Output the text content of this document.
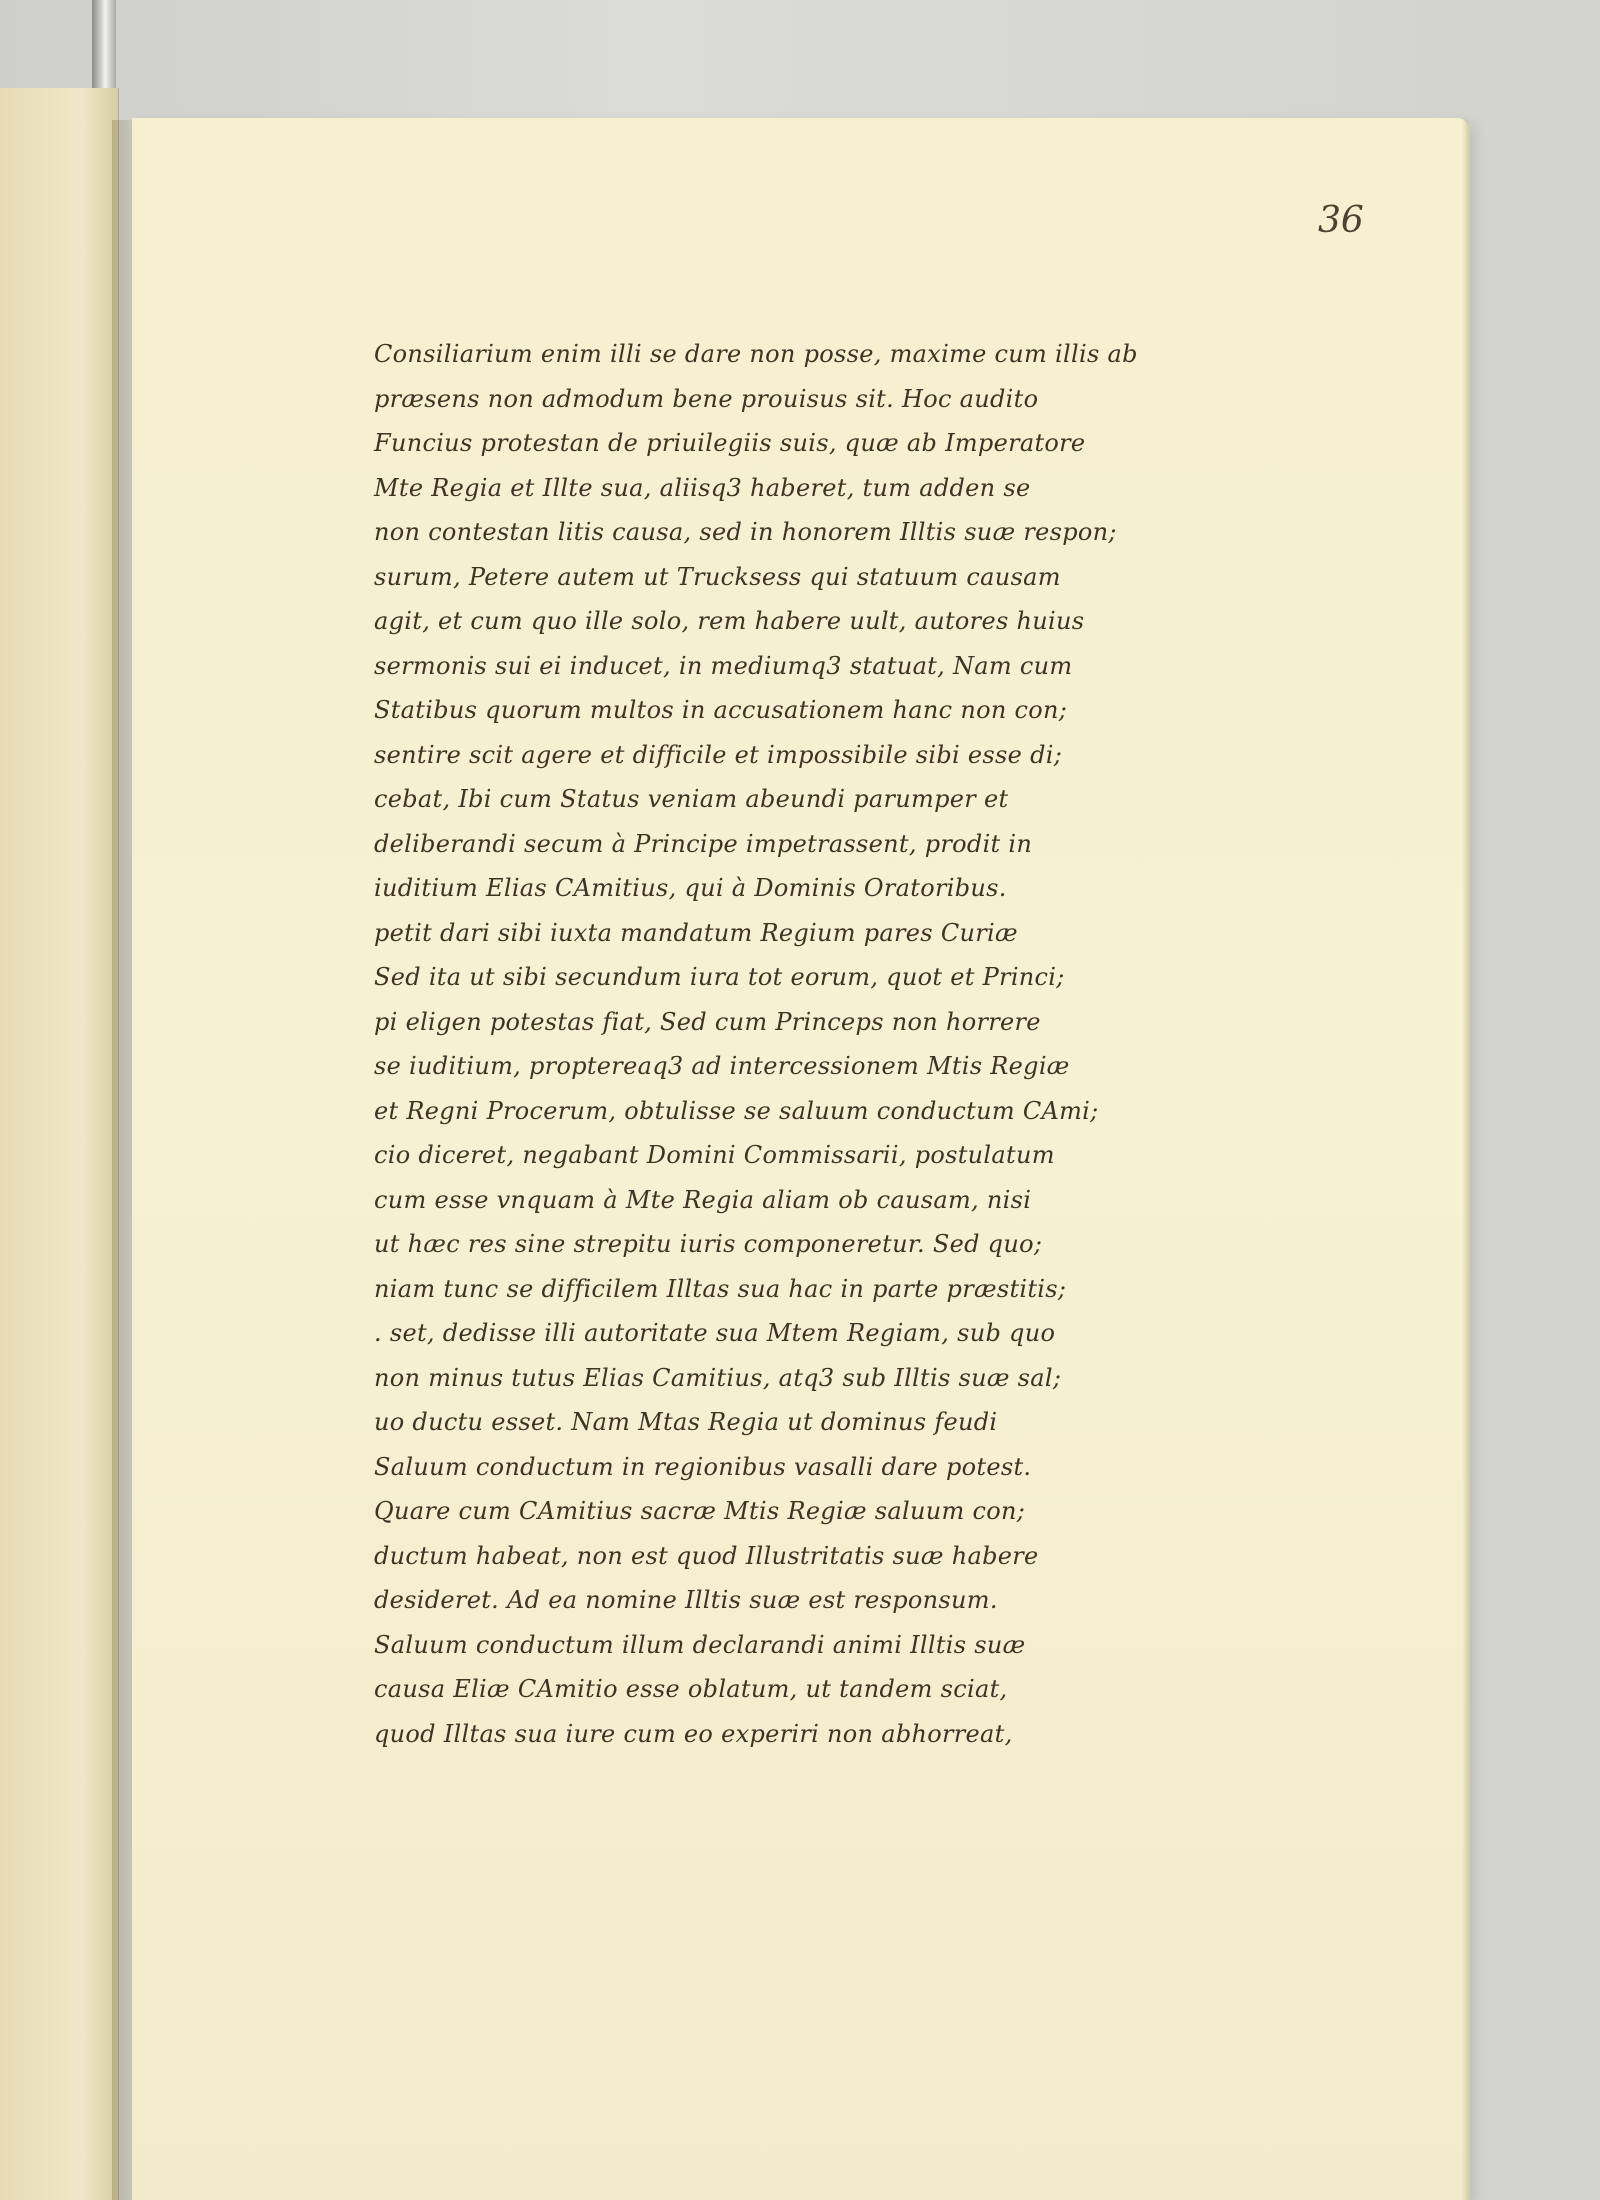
36
Consiliarium enim illi se dare non posse, maxime cum illis ab
præsens non admodum bene prouisus sit. Hoc audito
Funcius protestan de priuilegiis suis, quæ ab Imperatore
Mte Regia et Illte sua, aliisq3 haberet, tum adden se
non contestan litis causa, sed in honorem Illtis suæ respon;
surum, Petere autem ut Trucksess qui statuum causam
agit, et cum quo ille solo, rem habere uult, autores huius
sermonis sui ei inducet, in mediumq3 statuat, Nam cum
Statibus quorum multos in accusationem hanc non con;
sentire scit agere et difficile et impossibile sibi esse di;
cebat, Ibi cum Status veniam abeundi parumper et
deliberandi secum à Principe impetrassent, prodit in
iuditium Elias CAmitius, qui à Dominis Oratoribus.
petit dari sibi iuxta mandatum Regium pares Curiæ
Sed ita ut sibi secundum iura tot eorum, quot et Princi;
pi eligen potestas fiat, Sed cum Princeps non horrere
se iuditium, proptereaq3 ad intercessionem Mtis Regiæ
et Regni Procerum, obtulisse se saluum conductum CAmi;
cio diceret, negabant Domini Commissarii, postulatum
cum esse vnquam à Mte Regia aliam ob causam, nisi
ut hæc res sine strepitu iuris componeretur. Sed quo;
niam tunc se difficilem Illtas sua hac in parte præstitis;
. set, dedisse illi autoritate sua Mtem Regiam, sub quo
non minus tutus Elias Camitius, atq3 sub Illtis suæ sal;
uo ductu esset. Nam Mtas Regia ut dominus feudi
Saluum conductum in regionibus vasalli dare potest.
Quare cum CAmitius sacræ Mtis Regiæ saluum con;
ductum habeat, non est quod Illustritatis suæ habere
desideret. Ad ea nomine Illtis suæ est responsum.
Saluum conductum illum declarandi animi Illtis suæ
causa Eliæ CAmitio esse oblatum, ut tandem sciat,
quod Illtas sua iure cum eo experiri non abhorreat,
